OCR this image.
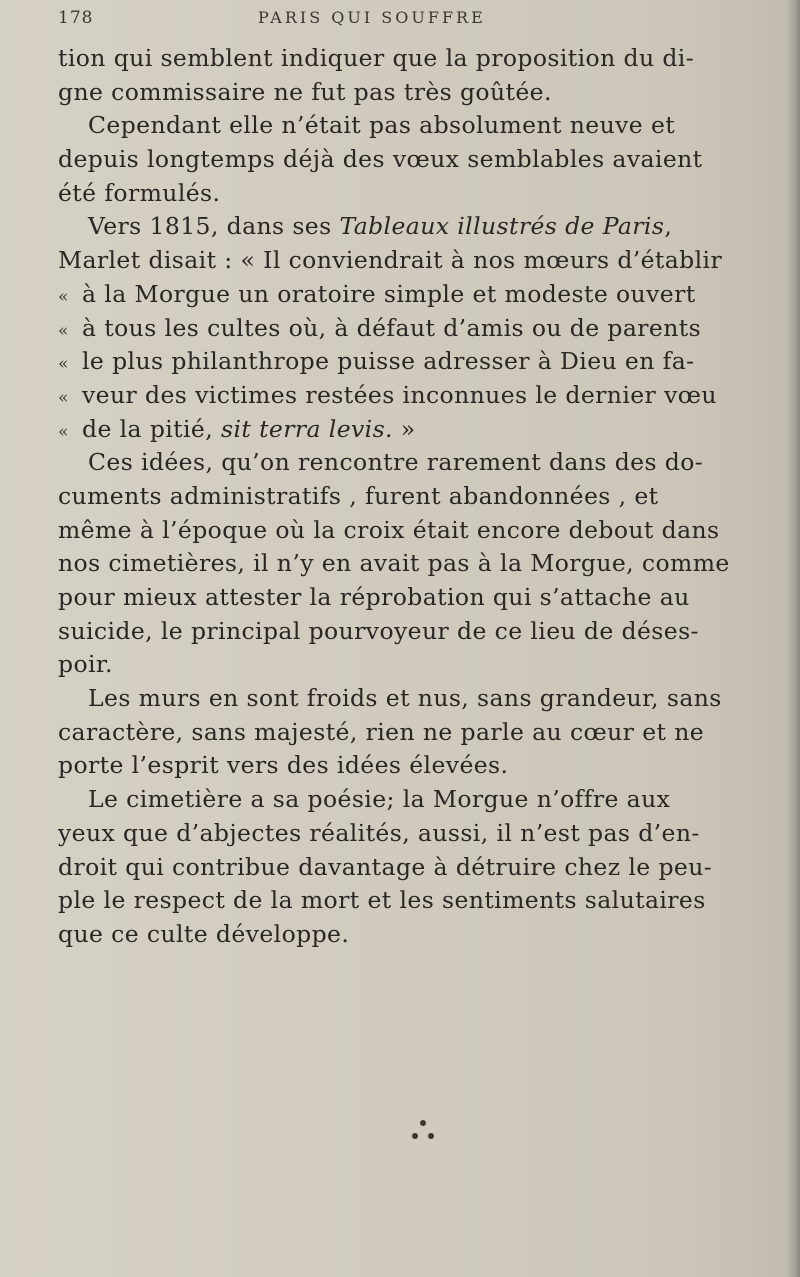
178	PARIS QUI SOUFFRE
tion qui semblent indiquer que la proposition du di-
gne commissaire ne fut pas très goûtée.
Cependant elle n’était pas absolument neuve et
depuis longtemps déjà des vœux semblables avaient
été formulés.
Vers 1815, dans ses Tableaux illustrés de Paris,
Marlet disait : « Il conviendrait à nos mœurs d’établir
« à la Morgue un oratoire simple et modeste ouvert
« à tous les cultes où, à défaut d’amis ou de parents
« le plus philanthrope puisse adresser à Dieu en fa-
« veur des victimes restées inconnues le dernier vœu
« de la pitié, sit terra levis. »
Ces idées, qu’on rencontre rarement dans des do-
cuments administratifs , furent abandonnées , et
même à l’époque où la croix était encore debout dans
nos cimetières, il n’y en avait pas à la Morgue, comme
pour mieux attester la réprobation qui s’attache au
suicide, le principal pourvoyeur de ce lieu de déses-
poir.
Les murs en sont froids et nus, sans grandeur, sans
caractère, sans majesté, rien ne parle au cœur et ne
porte l’esprit vers des idées élevées.
Le cimetière a sa poésie; la Morgue n’offre aux
yeux que d’abjectes réalités, aussi, il n’est pas d’en-
droit qui contribue davantage à détruire chez le peu-
ple le respect de la mort et les sentiments salutaires
que ce culte développe.
